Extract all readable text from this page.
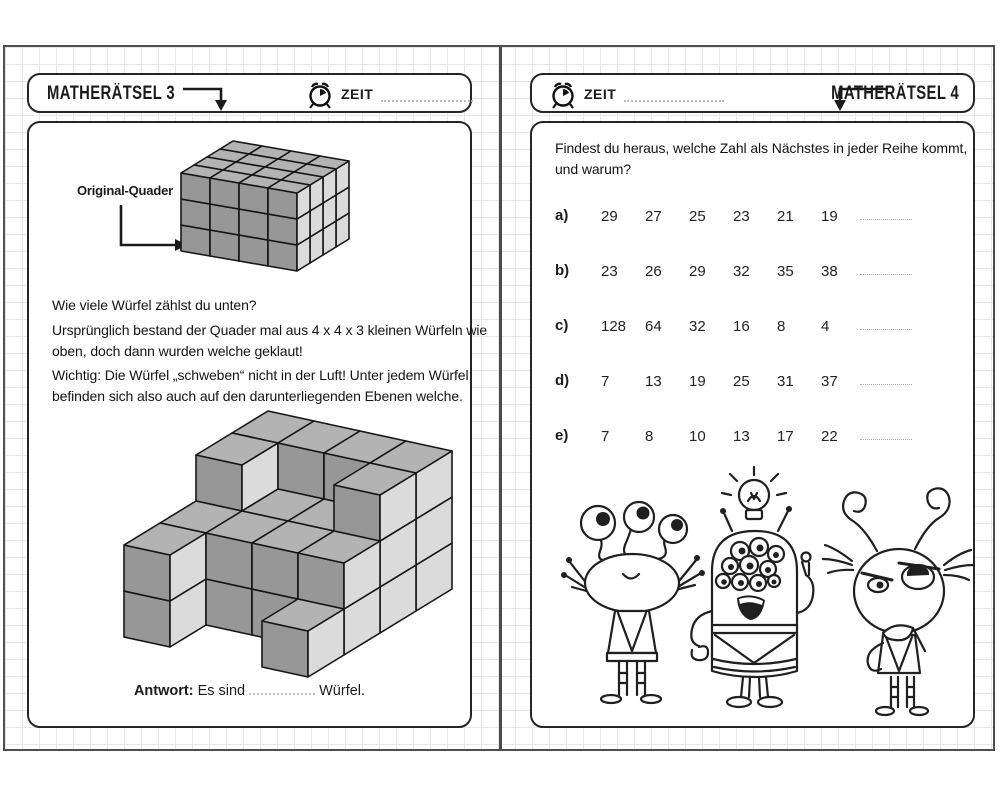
MATHERÄTSEL 3	ZEIT
Original-Quader
Wie viele Würfel zählst du unten?
Ursprünglich bestand der Quader mal aus 4 x 4 x 3 kleinen Würfeln wie
oben, doch dann wurden welche geklaut!
Wichtig: Die Würfel „schweben“ nicht in der Luft! Unter jedem Würfel
befinden sich also auch auf den darunterliegenden Ebenen welche.
Antwort: Es sind	Würfel.
ZEIT	MATHERÄTSEL 4
Findest du heraus, welche Zahl als Nächstes in jeder Reihe kommt,
und warum?
a) 29	27	25	23	21	19
b) 23	26	29	32	35	38
c) 128	64	32	16	8	4
d) 7	13	19	25	31	37
e) 7	8	10	13	17	22
